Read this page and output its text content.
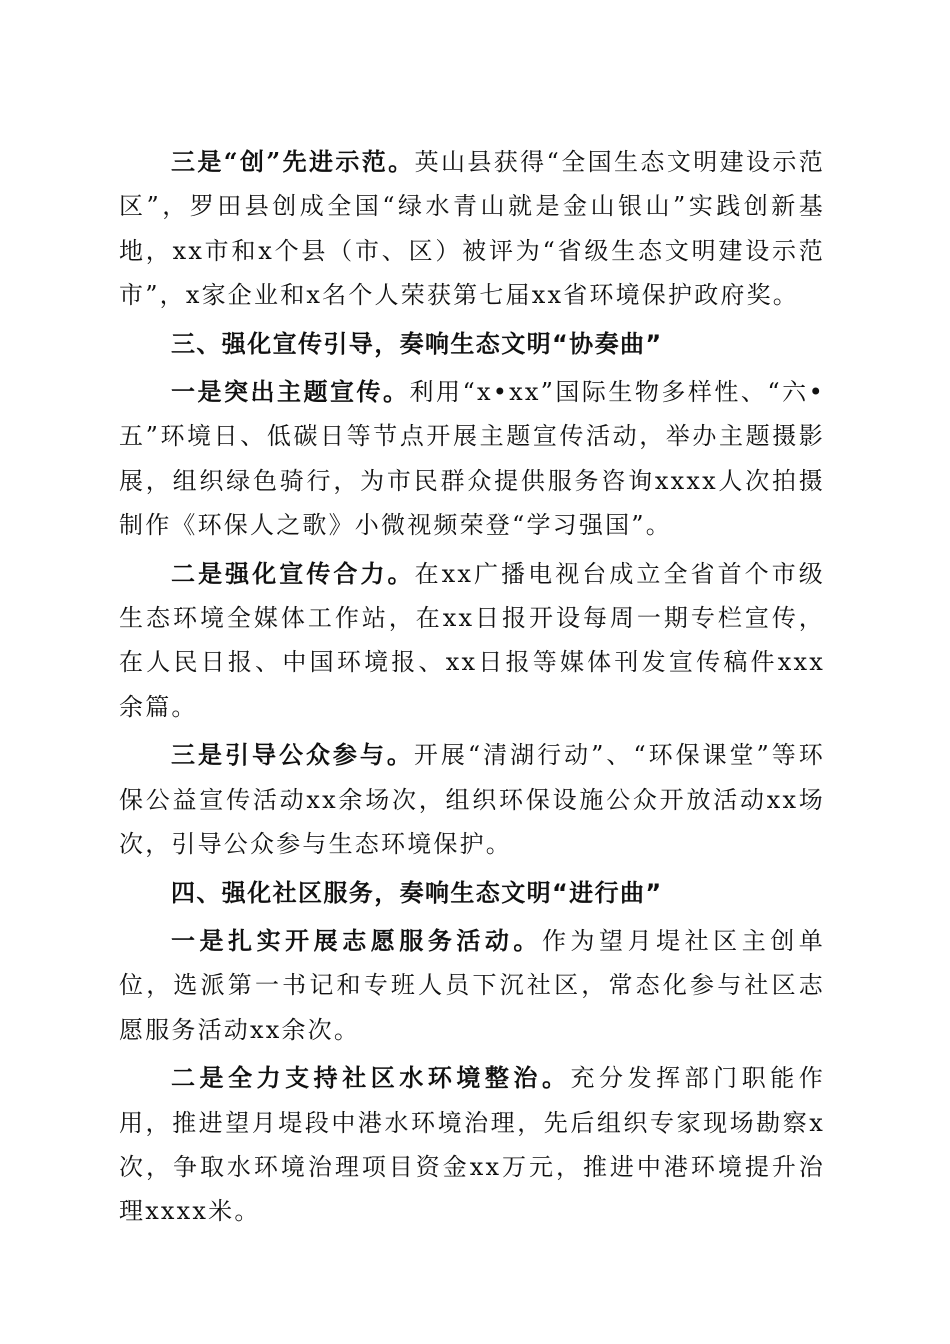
三是“创”先进示范。英山县获得“全国生态文明建设示范区”，罗田县创成全国“绿水青山就是金山银山”实践创新基地，xx市和x个县（市、区）被评为“省级生态文明建设示范市”，x家企业和x名个人荣获第七届xx省环境保护政府奖。

三、强化宣传引导，奏响生态文明“协奏曲”

一是突出主题宣传。利用“x•xx”国际生物多样性、“六•五”环境日、低碳日等节点开展主题宣传活动，举办主题摄影展，组织绿色骑行，为市民群众提供服务咨询xxxx人次拍摄制作《环保人之歌》小微视频荣登“学习强国”。

二是强化宣传合力。在xx广播电视台成立全省首个市级生态环境全媒体工作站，在xx日报开设每周一期专栏宣传，在人民日报、中国环境报、xx日报等媒体刊发宣传稿件xxx余篇。

三是引导公众参与。开展“清湖行动”、“环保课堂”等环保公益宣传活动xx余场次，组织环保设施公众开放活动xx场次，引导公众参与生态环境保护。

四、强化社区服务，奏响生态文明“进行曲”

一是扎实开展志愿服务活动。作为望月堤社区主创单位，选派第一书记和专班人员下沉社区，常态化参与社区志愿服务活动xx余次。

二是全力支持社区水环境整治。充分发挥部门职能作用，推进望月堤段中港水环境治理，先后组织专家现场勘察x次，争取水环境治理项目资金xx万元，推进中港环境提升治理xxxx米。
